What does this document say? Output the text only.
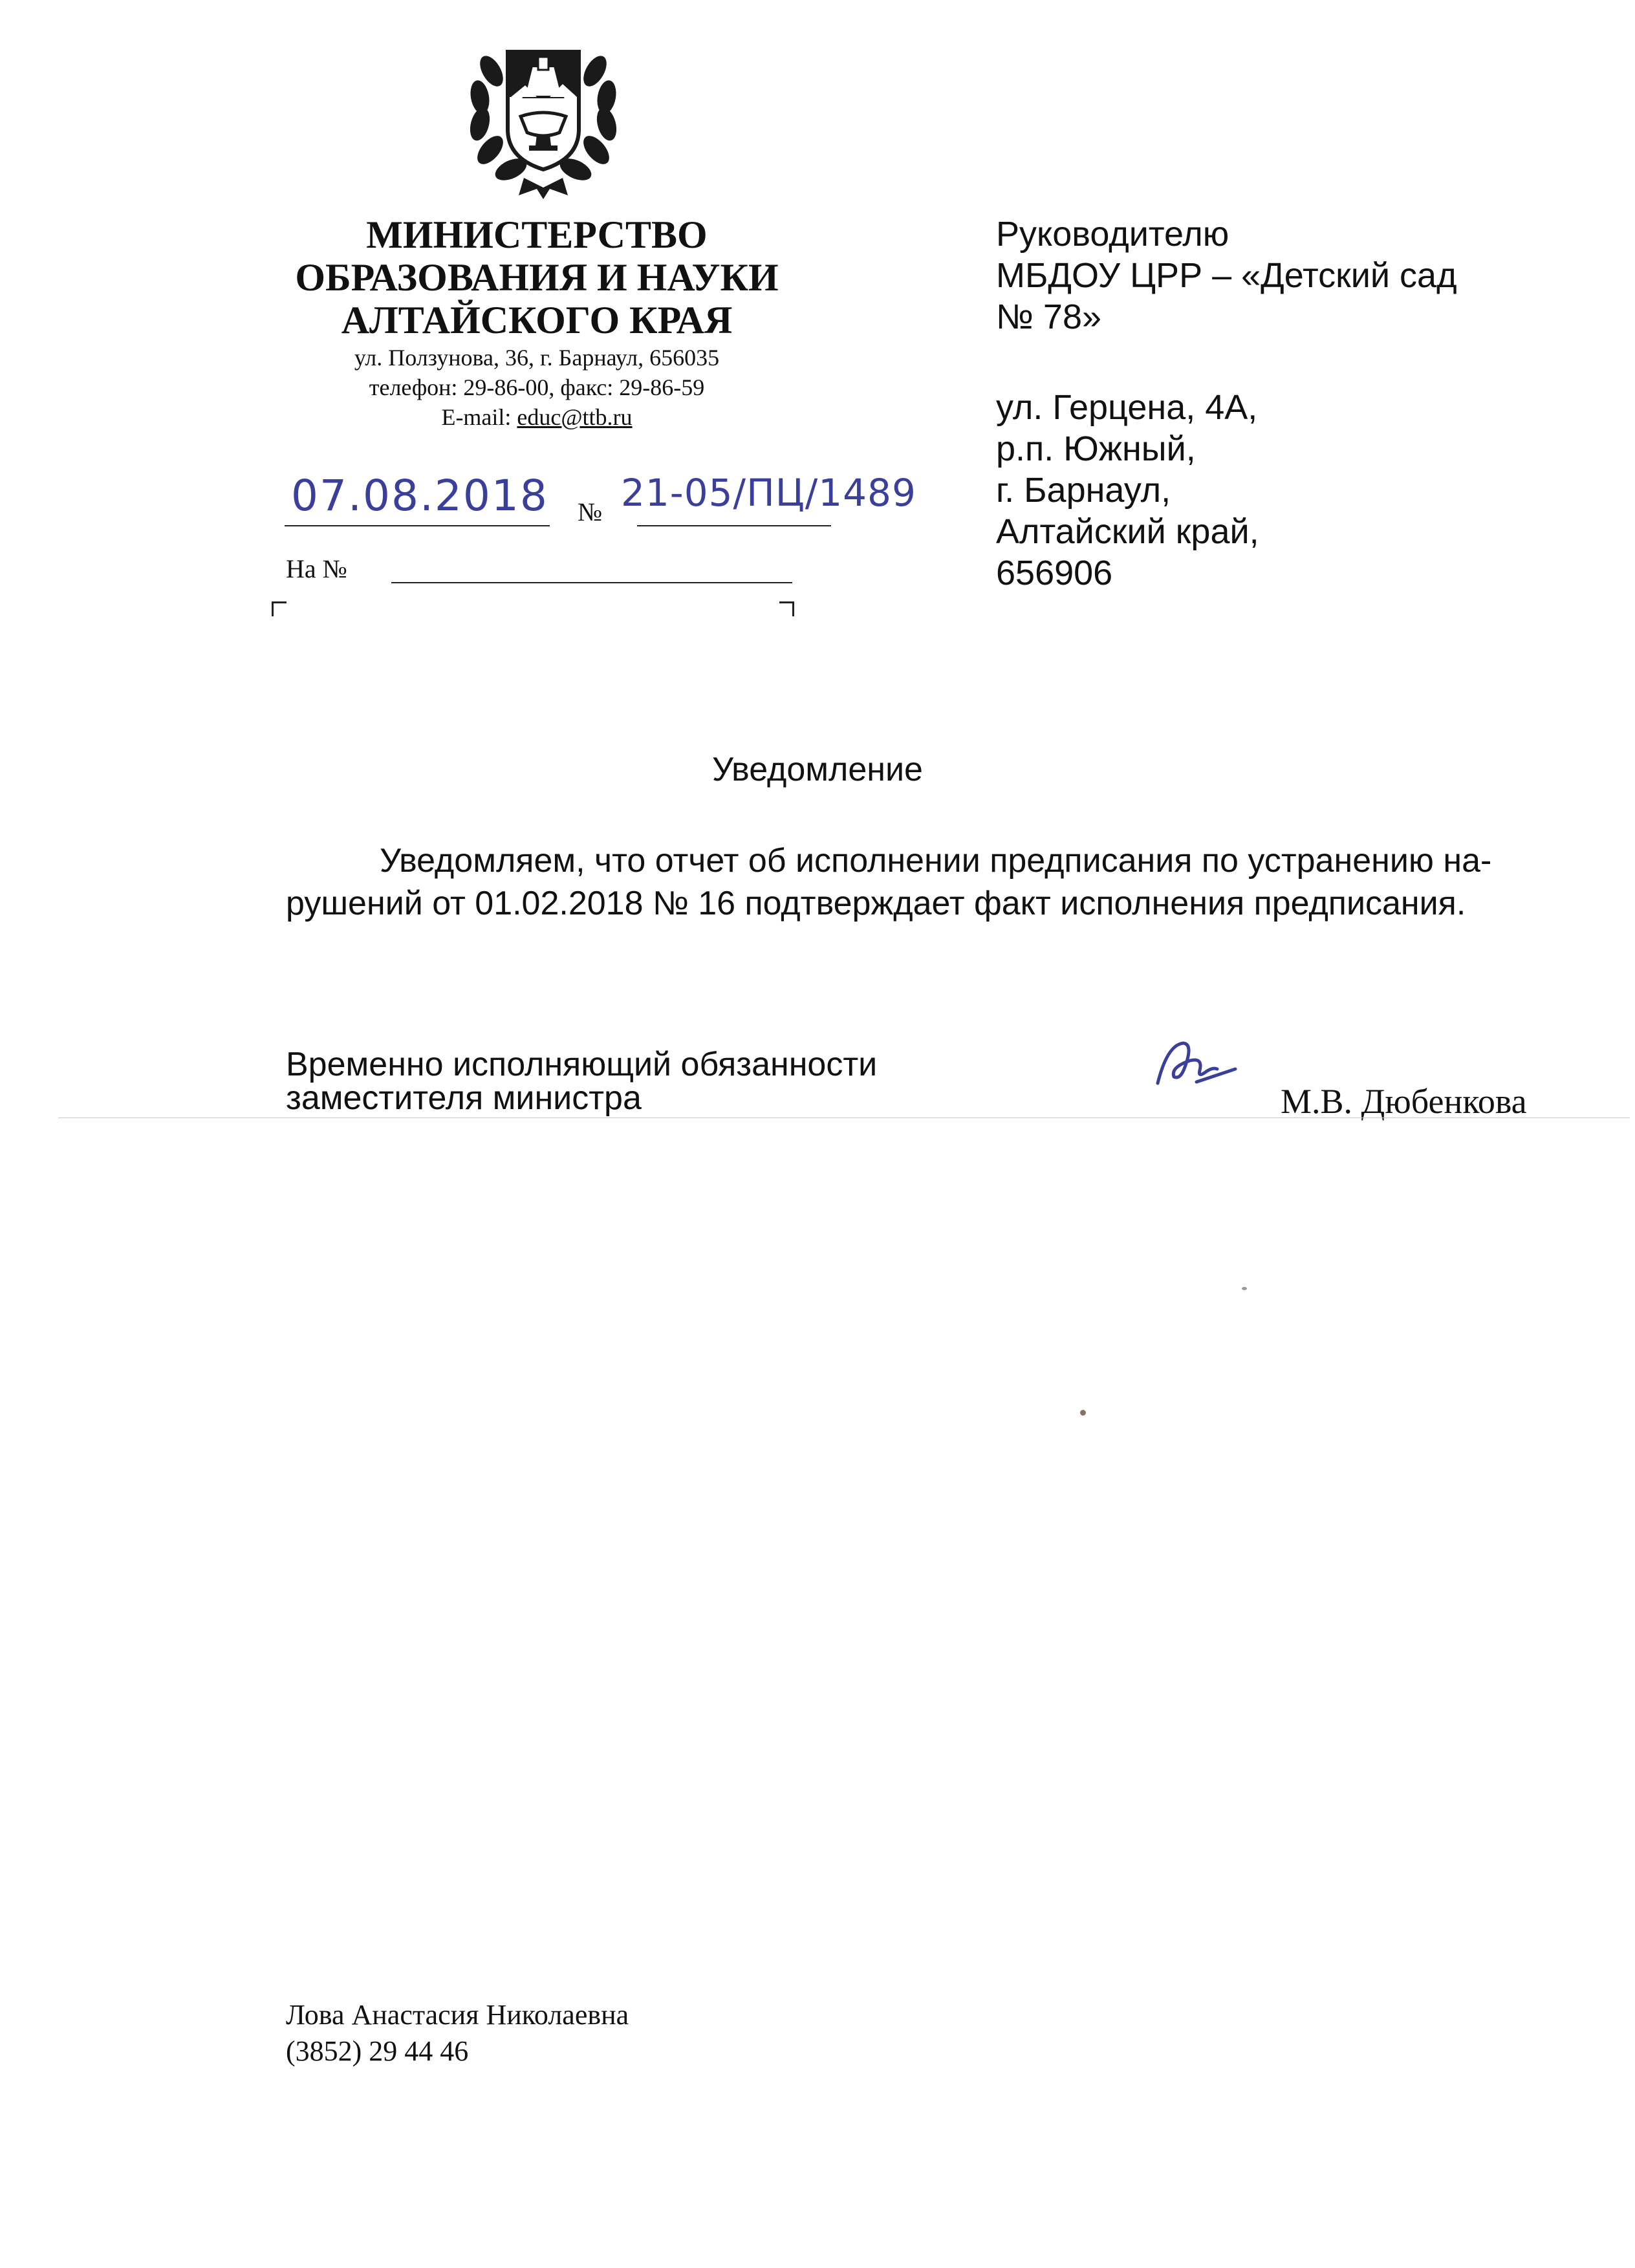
МИНИСТЕРСТВО
ОБРАЗОВАНИЯ И НАУКИ
АЛТАЙСКОГО КРАЯ
ул. Ползунова, 36, г. Барнаул, 656035
телефон: 29-86-00, факс: 29-86-59
E-mail: educ@ttb.ru
07.08.2018 № 21-05/ПЦ/1489
На №
Руководителю
МБДОУ ЦРР – «Детский сад
№ 78»
ул. Герцена, 4А,
р.п. Южный,
г. Барнаул,
Алтайский край,
656906
Уведомление
Уведомляем, что отчет об исполнении предписания по устранению на-
рушений от 01.02.2018 № 16 подтверждает факт исполнения предписания.
Временно исполняющий обязанности
заместителя министра	М.В. Дюбенкова
Лова Анастасия Николаевна
(3852) 29 44 46
